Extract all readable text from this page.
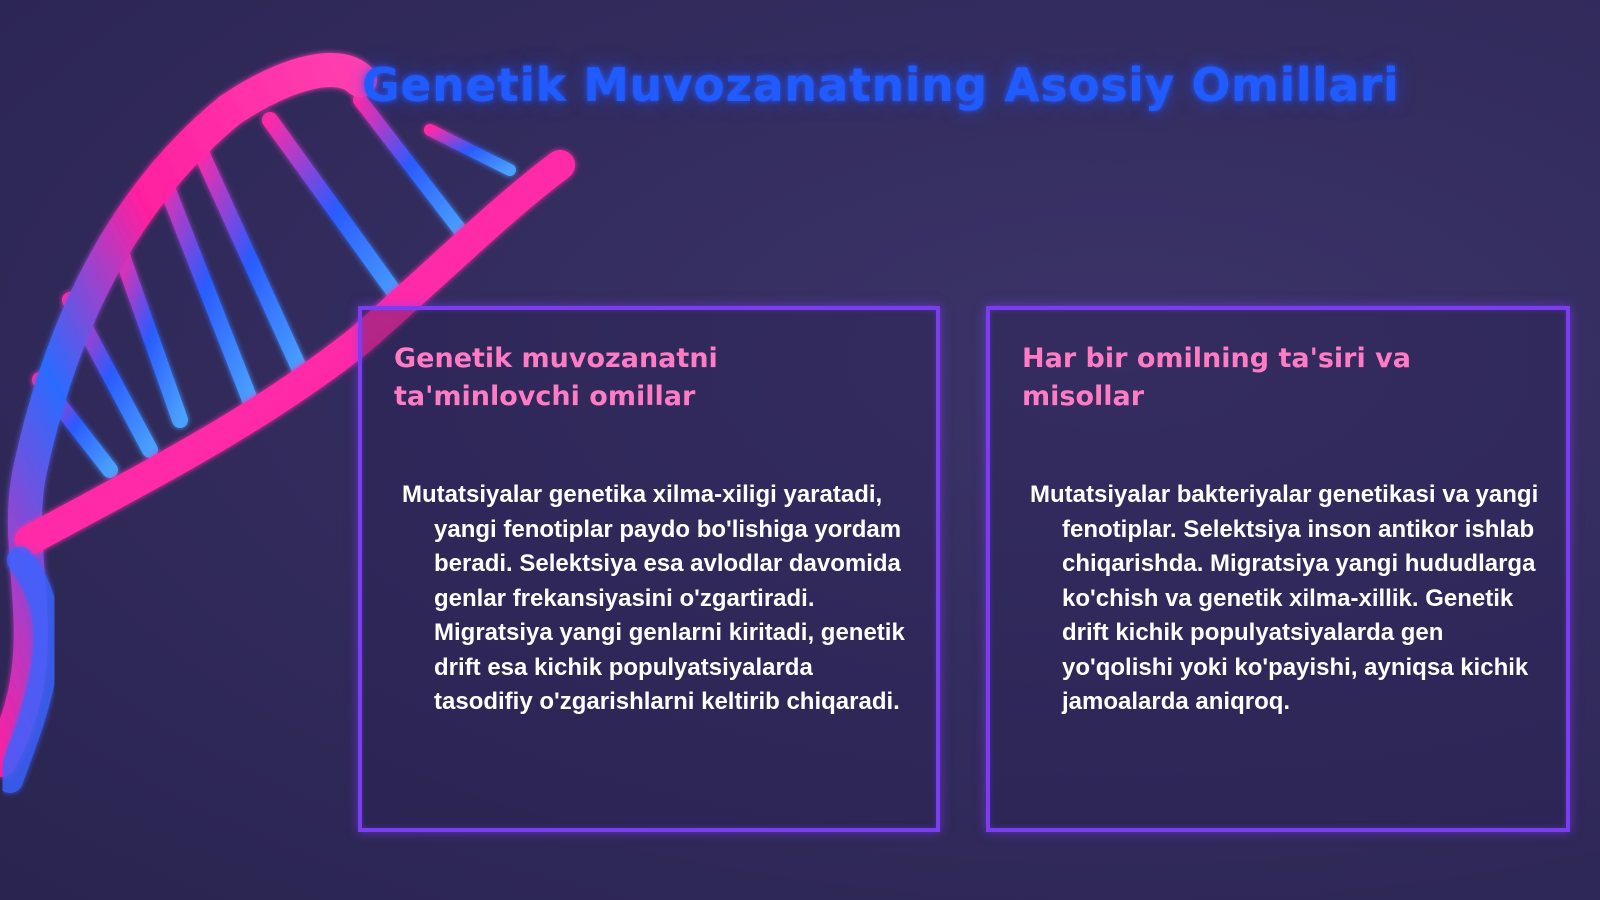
Genetik Muvozanatning Asosiy Omillari
Genetik muvozanatni ta'minlovchi omillar

Mutatsiyalar genetika xilma-xiligi yaratadi, yangi fenotiplar paydo bo'lishiga yordam beradi. Selektsiya esa avlodlar davomida genlar frekansiyasini o'zgartiradi. Migratsiya yangi genlarni kiritadi, genetik drift esa kichik populyatsiyalarda tasodifiy o'zgarishlarni keltirib chiqaradi.

Har bir omilning ta'siri va misollar

Mutatsiyalar bakteriyalar genetikasi va yangi fenotiplar. Selektsiya inson antikor ishlab chiqarishda. Migratsiya yangi hududlarga ko'chish va genetik xilma-xillik. Genetik drift kichik populyatsiyalarda gen yo'qolishi yoki ko'payishi, ayniqsa kichik jamoalarda aniqroq.
